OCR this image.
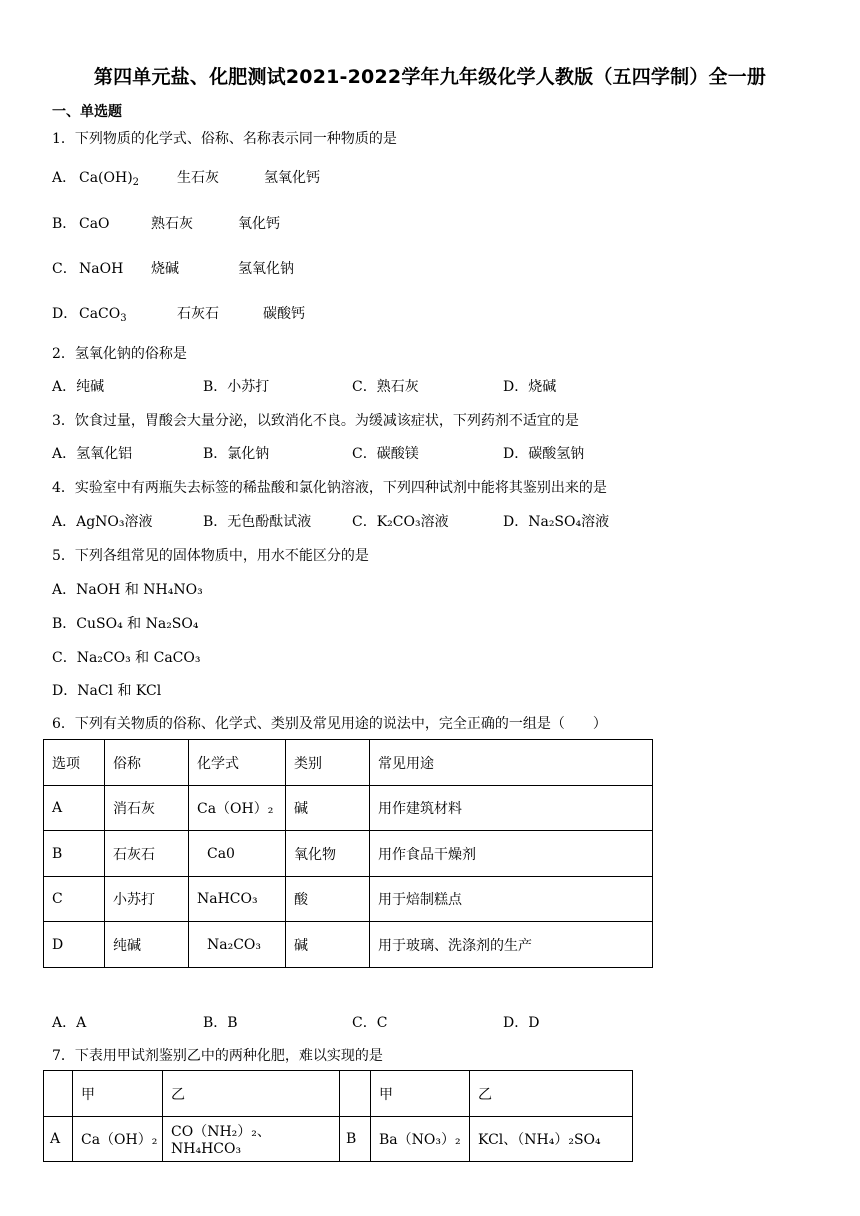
第四单元盐、化肥测试2021-2022学年九年级化学人教版（五四学制）全一册
一、单选题
1．下列物质的化学式、俗称、名称表示同一种物质的是
A． $Ca(OH)_2$	生石灰	氢氧化钙
B． CaO	熟石灰	氧化钙
C． NaOH 烧碱	氢氧化钠
D． CaCO$_3$	石灰石	碳酸钙
2．氢氧化钠的俗称是
A．纯碱	B．小苏打	C．熟石灰	D．烧碱
3．饮食过量，胃酸会大量分泌，以致消化不良。为缓减该症状，下列药剂不适宜的是
A．氢氧化铝	B．氯化钠	C．碳酸镁	D．碳酸氢钠
4．实验室中有两瓶失去标签的稀盐酸和氯化钠溶液，下列四种试剂中能将其鉴别出来的是
A．AgNO₃溶液	B．无色酚酞试液	C．K₂CO₃溶液	D．Na₂SO₄溶液
5．下列各组常见的固体物质中，用水不能区分的是
A．NaOH 和 NH₄NO₃
B．CuSO₄ 和 Na₂SO₄
C．Na₂CO₃ 和 CaCO₃
D．NaCl 和 KCl
6．下列有关物质的俗称、化学式、类别及常见用途的说法中，完全正确的一组是（　　）
选项	俗称	化学式	类别	常见用途
A	消石灰	Ca（OH）₂	碱	用作建筑材料
B	石灰石	Ca0	氧化物	用作食品干燥剂
C	小苏打	NaHCO₃	酸	用于焙制糕点
D	纯碱	Na₂CO₃	碱	用于玻璃、洗涤剂的生产
A．A	B．B	C．C	D．D
7．下表用甲试剂鉴别乙中的两种化肥，难以实现的是
	甲	乙		甲	乙
A	Ca（OH）₂	CO（NH₂）₂、NH₄HCO₃	B	Ba（NO₃）₂	KCl、（NH₄）₂SO₄
